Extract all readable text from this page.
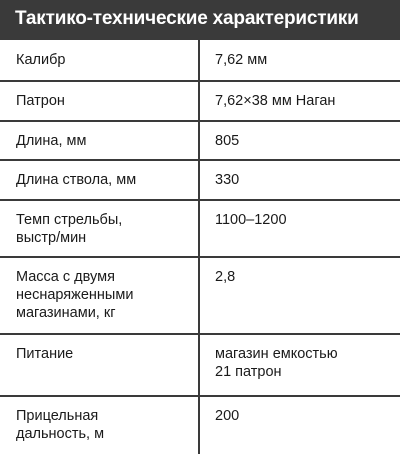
Тактико-технические характеристики
Калибр	7,62 мм
Патрон	7,62×38 мм Наган
Длина, мм	805
Длина ствола, мм	330
Темп стрельбы,
выстр/мин	1100–1200
Масса с двумя
неснаряженными
магазинами, кг	2,8
Питание	магазин емкостью
21 патрон
Прицельная
дальность, м	200
